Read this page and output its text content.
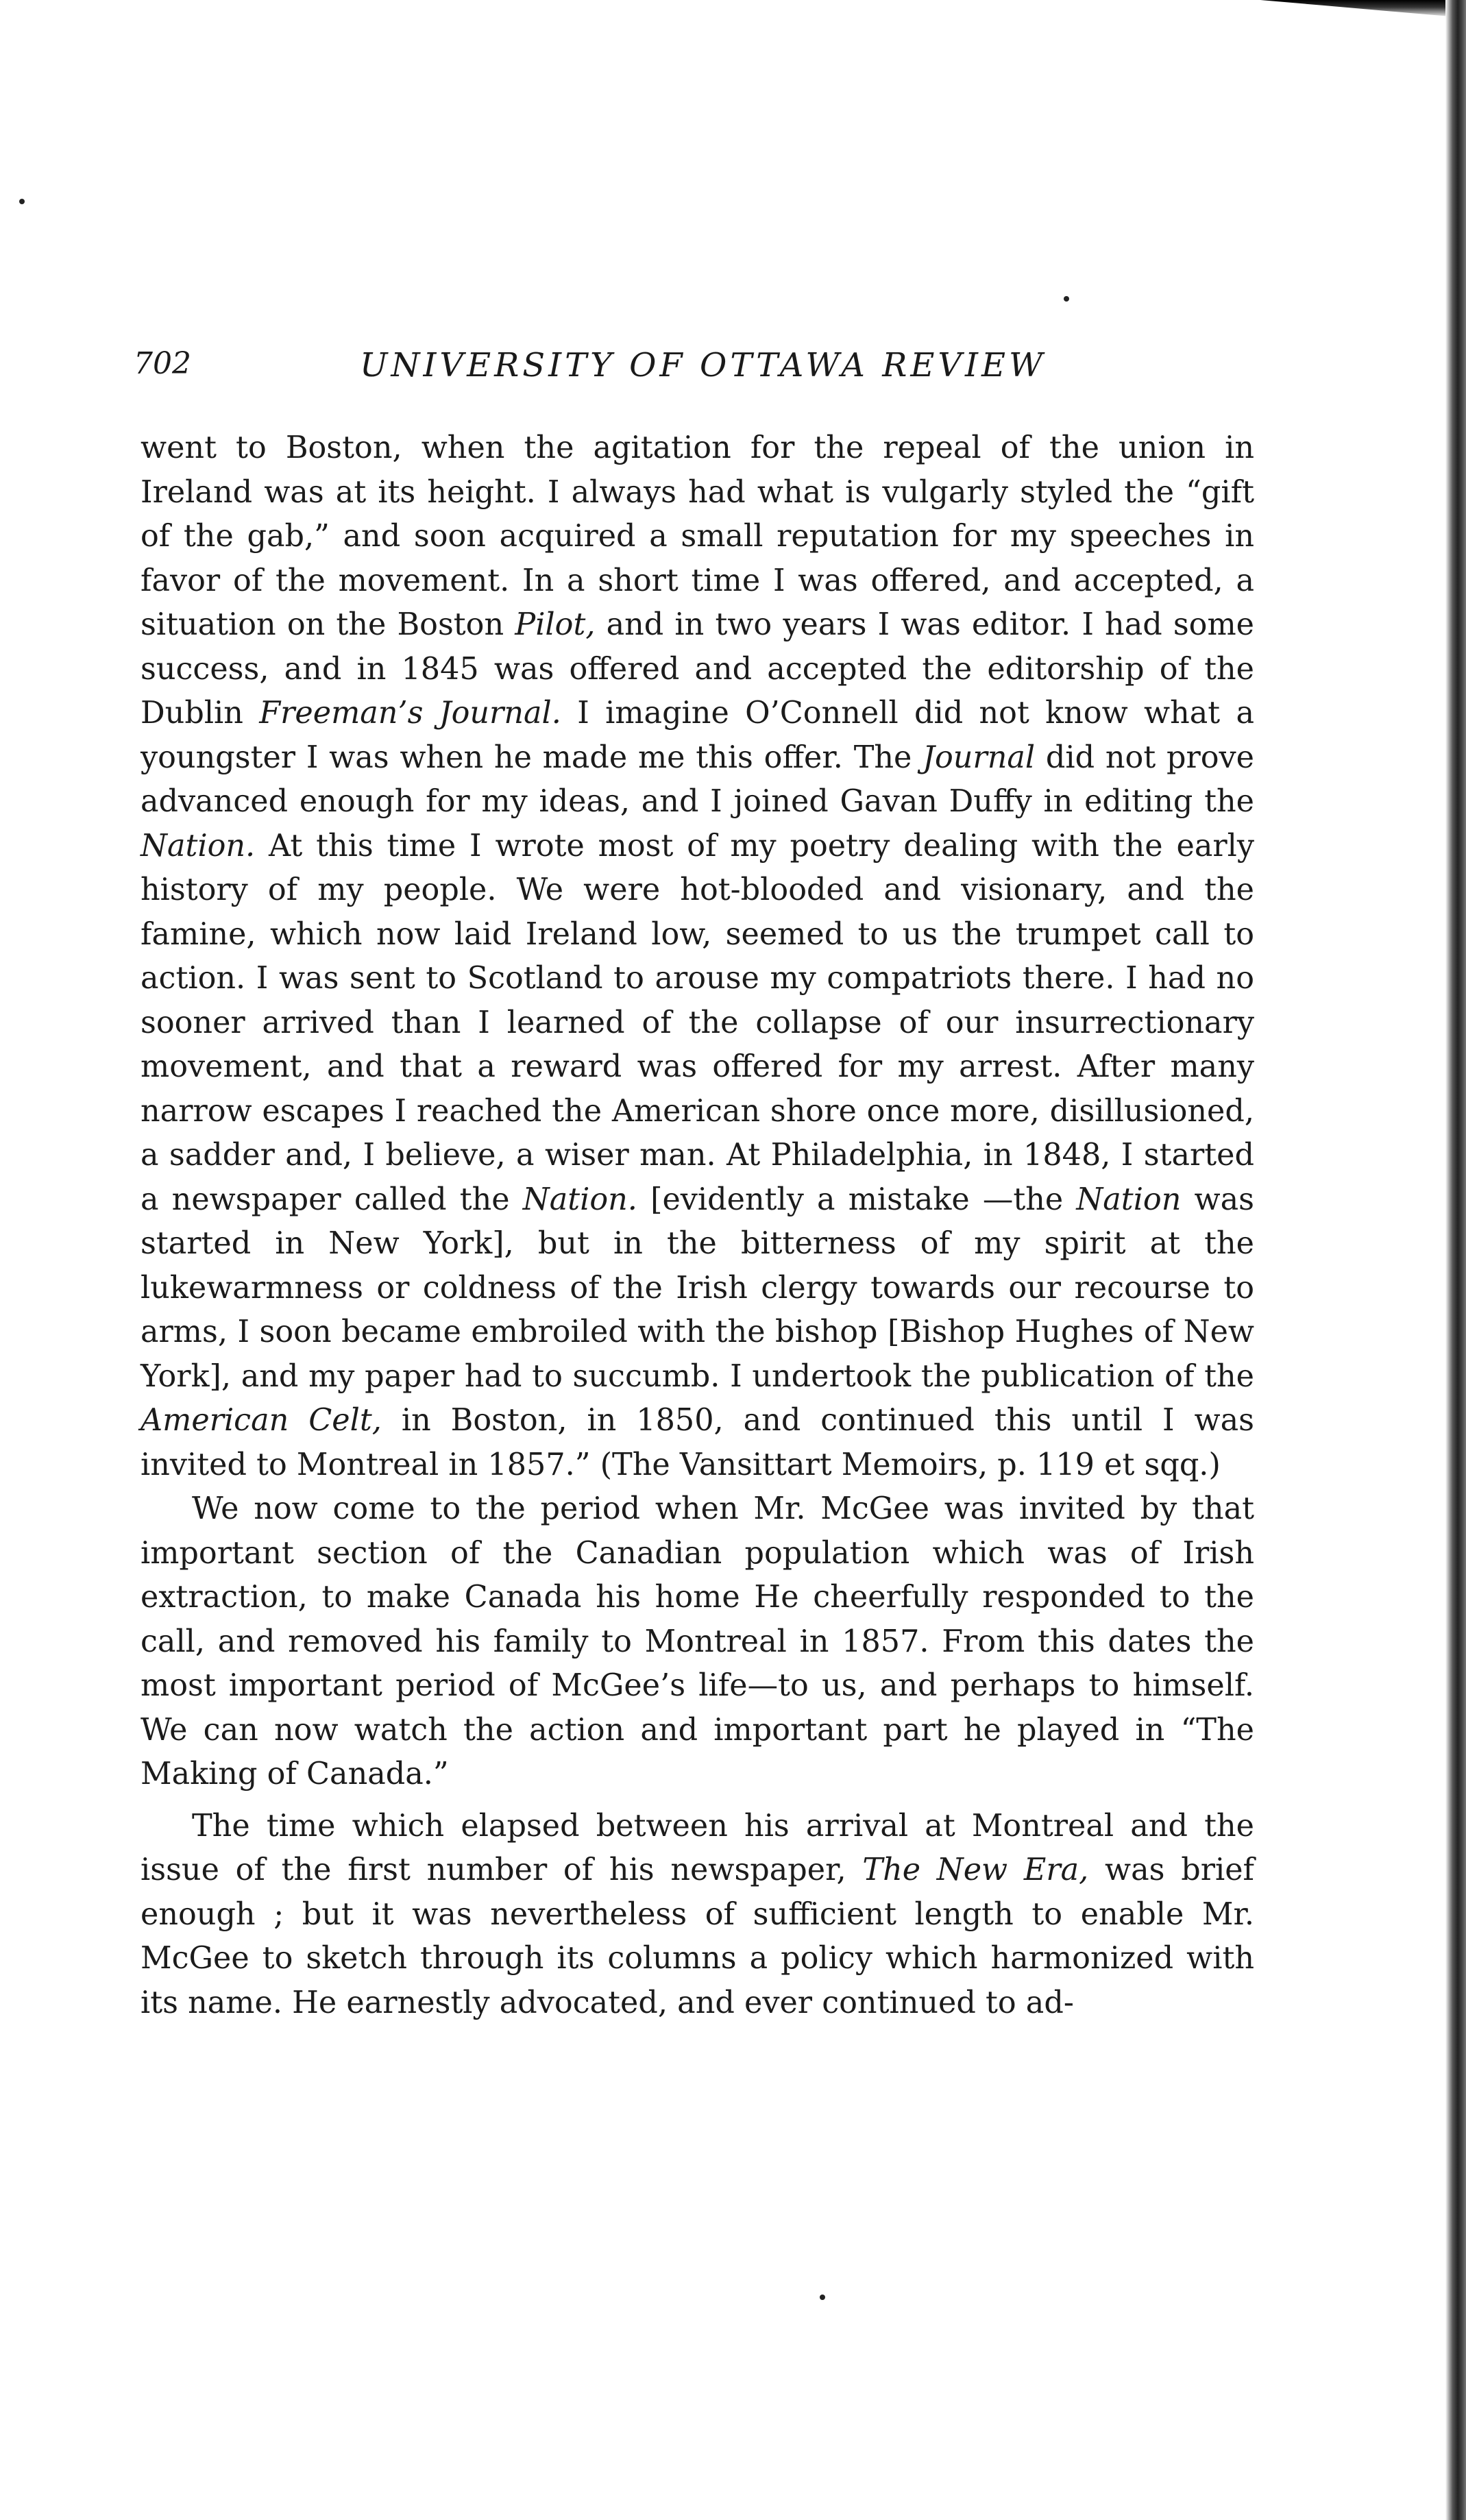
702	UNIVERSITY OF OTTAWA REVIEW

went to Boston, when the agitation for the repeal of the union in Ireland was at its height. I always had what is vulgarly styled the “gift of the gab,” and soon acquired a small reputation for my speeches in favor of the movement. In a short time I was offered, and accepted, a situation on the Boston Pilot, and in two years I was editor. I had some success, and in 1845 was offered and accepted the editorship of the Dublin Freeman’s Journal. I imagine O’Connell did not know what a youngster I was when he made me this offer. The Journal did not prove advanced enough for my ideas, and I joined Gavan Duffy in editing the Nation. At this time I wrote most of my poetry dealing with the early history of my people. We were hot-blooded and visionary, and the famine, which now laid Ireland low, seemed to us the trumpet call to action. I was sent to Scotland to arouse my compatriots there. I had no sooner arrived than I learned of the collapse of our insurrectionary movement, and that a reward was offered for my arrest. After many narrow escapes I reached the American shore once more, disillusioned, a sadder and, I believe, a wiser man. At Philadelphia, in 1848, I started a newspaper called the Nation. [evidently a mistake —the Nation was started in New York], but in the bitterness of my spirit at the lukewarmness or coldness of the Irish clergy towards our recourse to arms, I soon became embroiled with the bishop [Bishop Hughes of New York], and my paper had to succumb. I undertook the publication of the American Celt, in Boston, in 1850, and continued this until I was invited to Montreal in 1857.” (The Vansittart Memoirs, p. 119 et sqq.)

We now come to the period when Mr. McGee was invited by that important section of the Canadian population which was of Irish extraction, to make Canada his home He cheerfully responded to the call, and removed his family to Montreal in 1857. From this dates the most important period of McGee’s life—to us, and perhaps to himself. We can now watch the action and important part he played in “The Making of Canada.”

The time which elapsed between his arrival at Montreal and the issue of the first number of his newspaper, The New Era, was brief enough ; but it was nevertheless of sufficient length to enable Mr. McGee to sketch through its columns a policy which harmonized with its name. He earnestly advocated, and ever continued to ad-
